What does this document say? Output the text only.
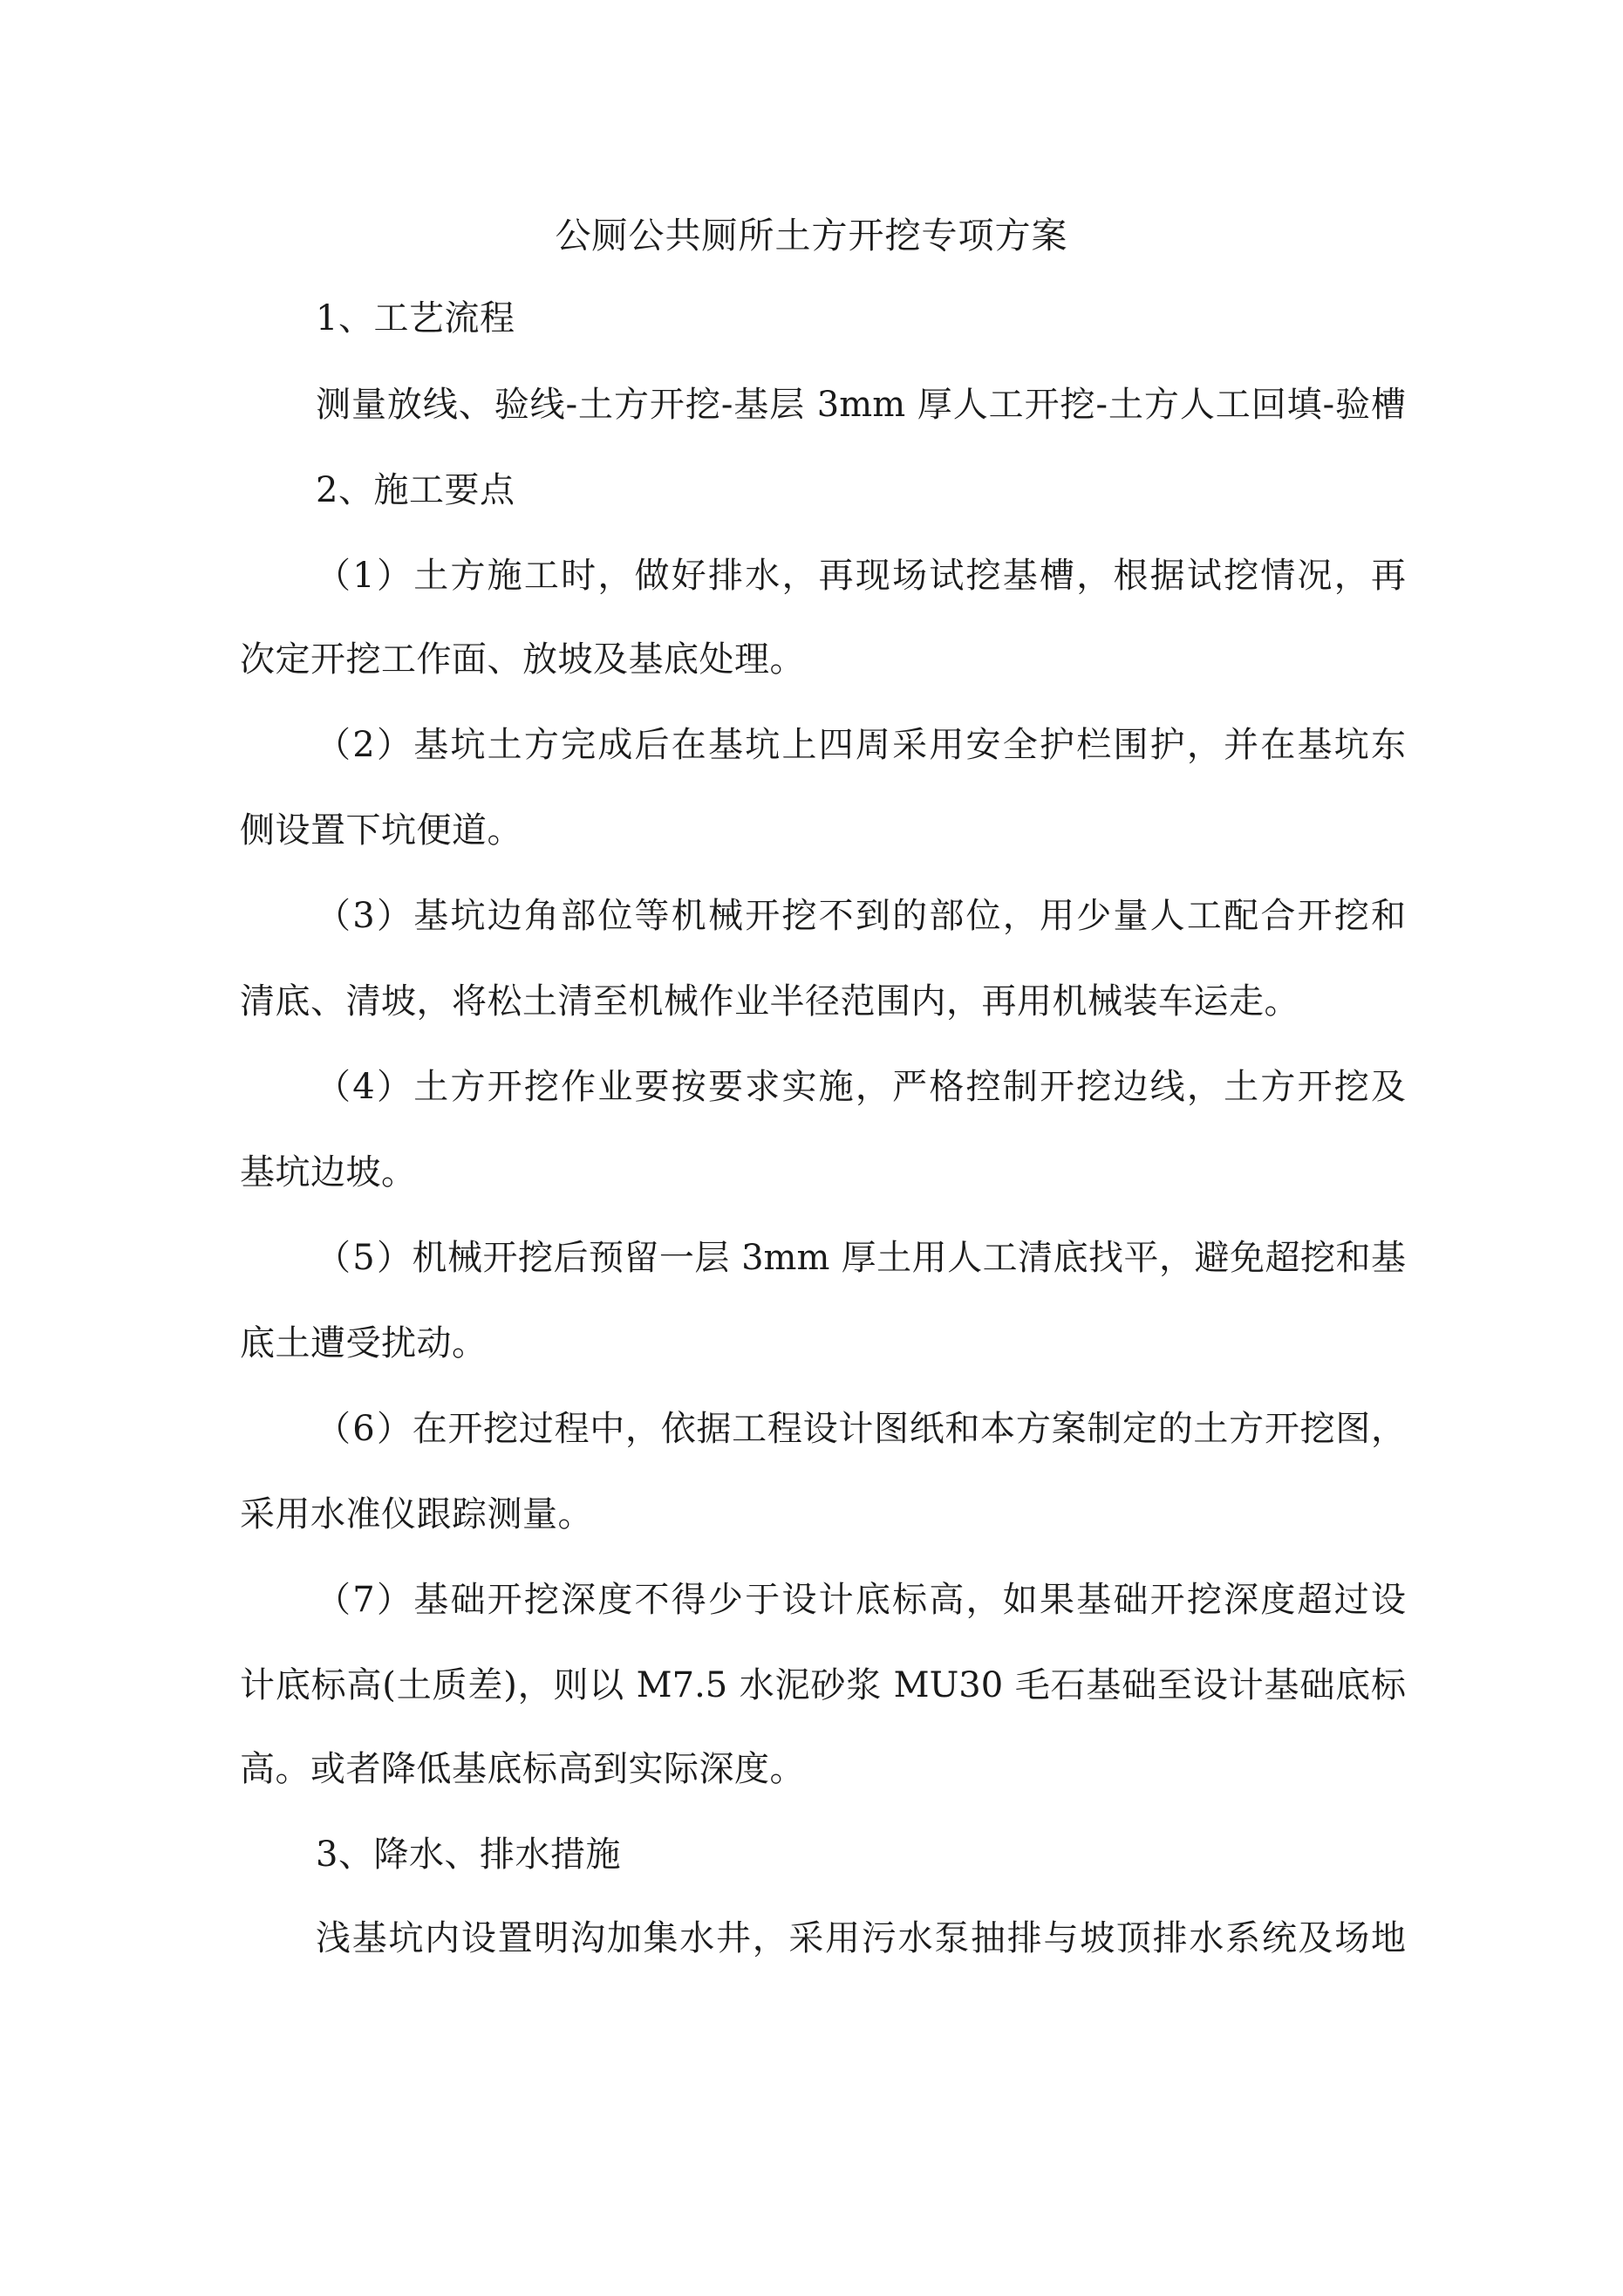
公厕公共厕所土方开挖专项方案
1、工艺流程
测量放线、验线-土方开挖-基层 3mm 厚人工开挖-土方人工回填-验槽
2、施工要点
（1）土方施工时，做好排水，再现场试挖基槽，根据试挖情况，再
次定开挖工作面、放坡及基底处理。
（2）基坑土方完成后在基坑上四周采用安全护栏围护，并在基坑东
侧设置下坑便道。
（3）基坑边角部位等机械开挖不到的部位，用少量人工配合开挖和
清底、清坡，将松土清至机械作业半径范围内，再用机械装车运走。
（4）土方开挖作业要按要求实施，严格控制开挖边线，土方开挖及
基坑边坡。
（5）机械开挖后预留一层 3mm 厚土用人工清底找平，避免超挖和基
底土遭受扰动。
（6）在开挖过程中，依据工程设计图纸和本方案制定的土方开挖图，
采用水准仪跟踪测量。
（7）基础开挖深度不得少于设计底标高，如果基础开挖深度超过设
计底标高(土质差)，则以 M7.5 水泥砂浆 MU30 毛石基础至设计基础底标
高。或者降低基底标高到实际深度。
3、降水、排水措施
浅基坑内设置明沟加集水井，采用污水泵抽排与坡顶排水系统及场地
